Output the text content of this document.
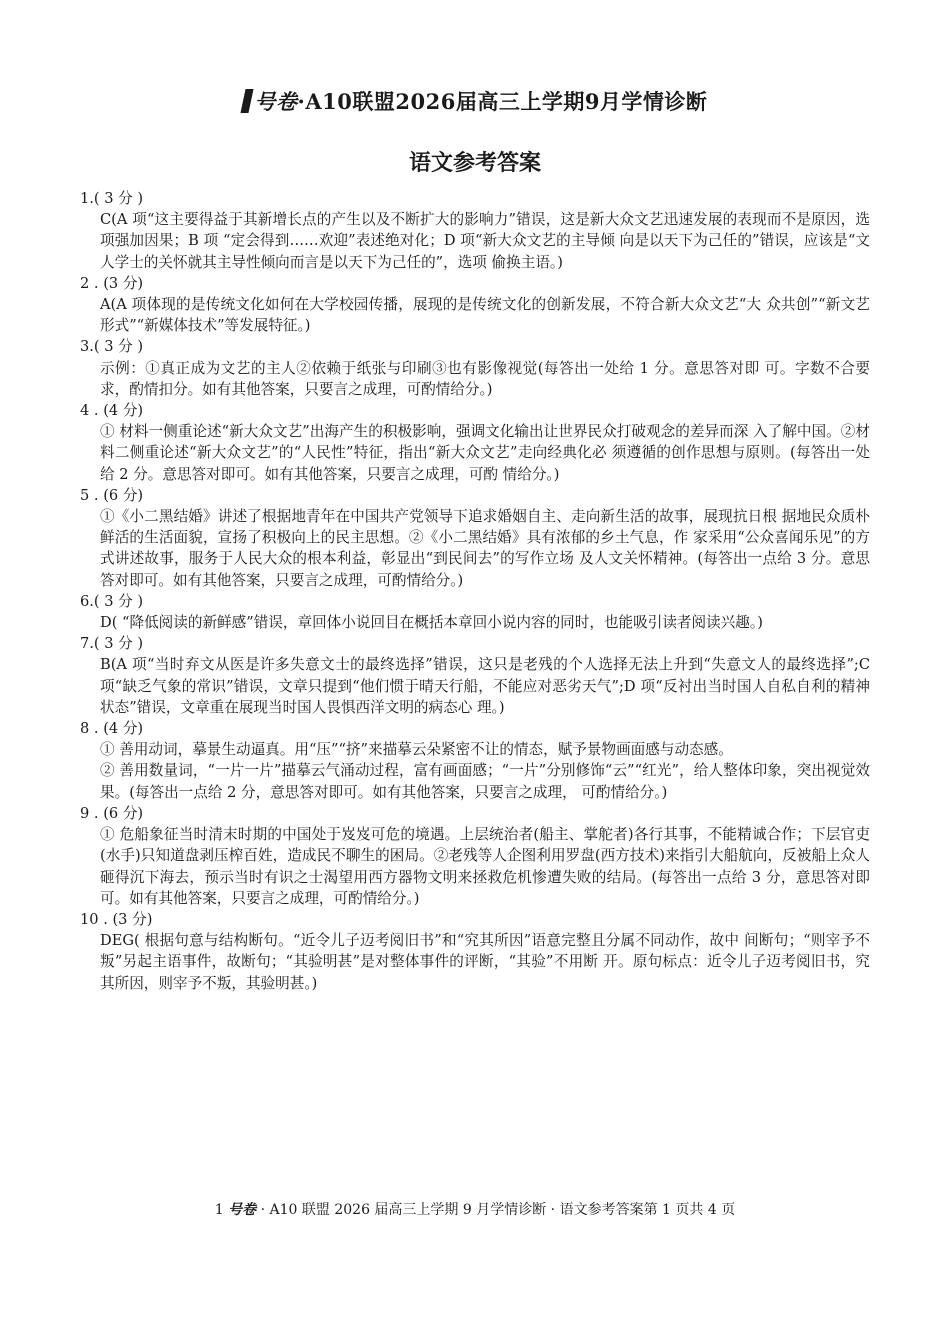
号卷·A10联盟2026届高三上学期9月学情诊断
语文参考答案
1.( 3 分 )

C(A 项“这主要得益于其新增长点的产生以及不断扩大的影响力”错误，这是新大众文艺迅速发展的表现而不是原因，选项强加因果；B 项 “定会得到……欢迎”表述绝对化；D 项“新大众文艺的主导倾 向是以天下为己任的”错误，应该是“文人学士的关怀就其主导性倾向而言是以天下为己任的”，选项 偷换主语。)

2 . (3 分)

A(A 项体现的是传统文化如何在大学校园传播，展现的是传统文化的创新发展，不符合新大众文艺“大 众共创”“新文艺形式”“新媒体技术”等发展特征。)

3.( 3 分 )

示例：①真正成为文艺的主人②依赖于纸张与印刷③也有影像视觉(每答出一处给 1 分。意思答对即 可。字数不合要求，酌情扣分。如有其他答案，只要言之成理，可酌情给分。)

4 . (4 分)

① 材料一侧重论述“新大众文艺”出海产生的积极影响，强调文化输出让世界民众打破观念的差异而深 入了解中国。②材料二侧重论述“新大众文艺”的“人民性”特征，指出“新大众文艺”走向经典化必 须遵循的创作思想与原则。(每答出一处给 2 分。意思答对即可。如有其他答案，只要言之成理，可酌 情给分。)

5 . (6 分)

①《小二黑结婚》讲述了根据地青年在中国共产党领导下追求婚姻自主、走向新生活的故事，展现抗日根 据地民众质朴鲜活的生活面貌，宣扬了积极向上的民主思想。②《小二黑结婚》具有浓郁的乡土气息，作 家采用“公众喜闻乐见”的方式讲述故事，服务于人民大众的根本利益，彰显出“到民间去”的写作立场 及人文关怀精神。(每答出一点给 3 分。意思答对即可。如有其他答案，只要言之成理，可酌情给分。)

6.( 3 分 )

D( “降低阅读的新鲜感”错误，章回体小说回目在概括本章回小说内容的同时，也能吸引读者阅读兴趣。)

7.( 3 分 )

B(A 项“当时弃文从医是许多失意文士的最终选择”错误，这只是老残的个人选择无法上升到“失意文人的最终选择”;C 项“缺乏气象的常识”错误，文章只提到“他们惯于晴天行船，不能应对恶劣天气”;D 项“反衬出当时国人自私自利的精神状态”错误，文章重在展现当时国人畏惧西洋文明的病态心 理。)

8 . (4 分)

① 善用动词，摹景生动逼真。用“压”“挤”来描摹云朵紧密不让的情态，赋予景物画面感与动态感。

② 善用数量词，“一片一片”描摹云气涌动过程，富有画面感；“一片”分别修饰“云”“红光”，给人整体印象，突出视觉效果。(每答出一点给 2 分，意思答对即可。如有其他答案，只要言之成理， 可酌情给分。)

9 . (6 分)

① 危船象征当时清末时期的中国处于岌岌可危的境遇。上层统治者(船主、掌舵者)各行其事，不能精诚合作；下层官吏(水手)只知道盘剥压榨百姓，造成民不聊生的困局。②老残等人企图利用罗盘(西方技术)来指引大船航向，反被船上众人砸得沉下海去，预示当时有识之士渴望用西方器物文明来拯救危机惨遭失败的结局。(每答出一点给 3 分，意思答对即可。如有其他答案，只要言之成理，可酌情给分。)

10 . (3 分)

DEG( 根据句意与结构断句。“近令儿子迈考阅旧书”和“究其所因”语意完整且分属不同动作，故中 间断句；“则宰予不叛”另起主语事件，故断句；“其验明甚”是对整体事件的评断，“其验”不用断 开。原句标点：近令儿子迈考阅旧书，究其所因，则宰予不叛，其验明甚。)

1 号卷 · A10 联盟 2026 届高三上学期 9 月学情诊断 · 语文参考答案第 1 页共 4 页
